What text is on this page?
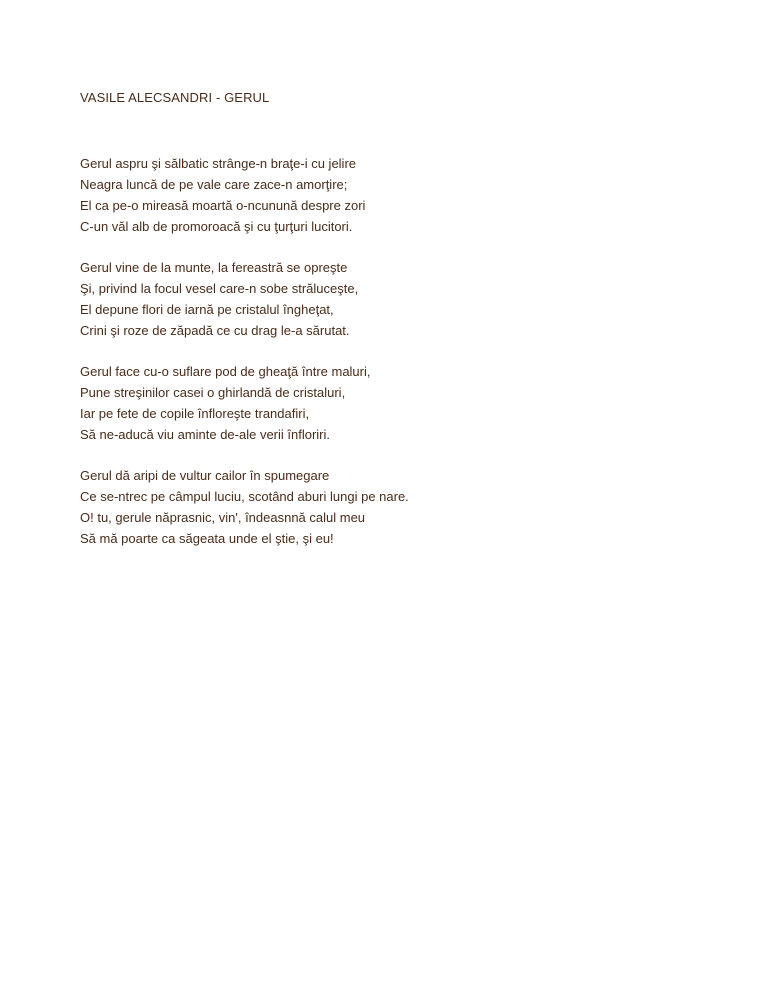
VASILE ALECSANDRI - GERUL
Gerul aspru şi sălbatic strânge-n braţe-i cu jelire
Neagra luncă de pe vale care zace-n amorţire;
El ca pe-o mireasă moartă o-ncunună despre zori
C-un văl alb de promoroacă şi cu ţurţuri lucitori.
Gerul vine de la munte, la fereastră se opreşte
Şi, privind la focul vesel care-n sobe străluceşte,
El depune flori de iarnă pe cristalul îngheţat,
Crini şi roze de zăpadă ce cu drag le-a sărutat.
Gerul face cu-o suflare pod de gheaţă între maluri,
Pune streşinilor casei o ghirlandă de cristaluri,
Iar pe fete de copile înfloreşte trandafiri,
Să ne-aducă viu aminte de-ale verii înfloriri.
Gerul dă aripi de vultur cailor în spumegare
Ce se-ntrec pe câmpul luciu, scotând aburi lungi pe nare.
O! tu, gerule năprasnic, vin', îndeasnnă calul meu
Să mă poarte ca săgeata unde el ştie, şi eu!
